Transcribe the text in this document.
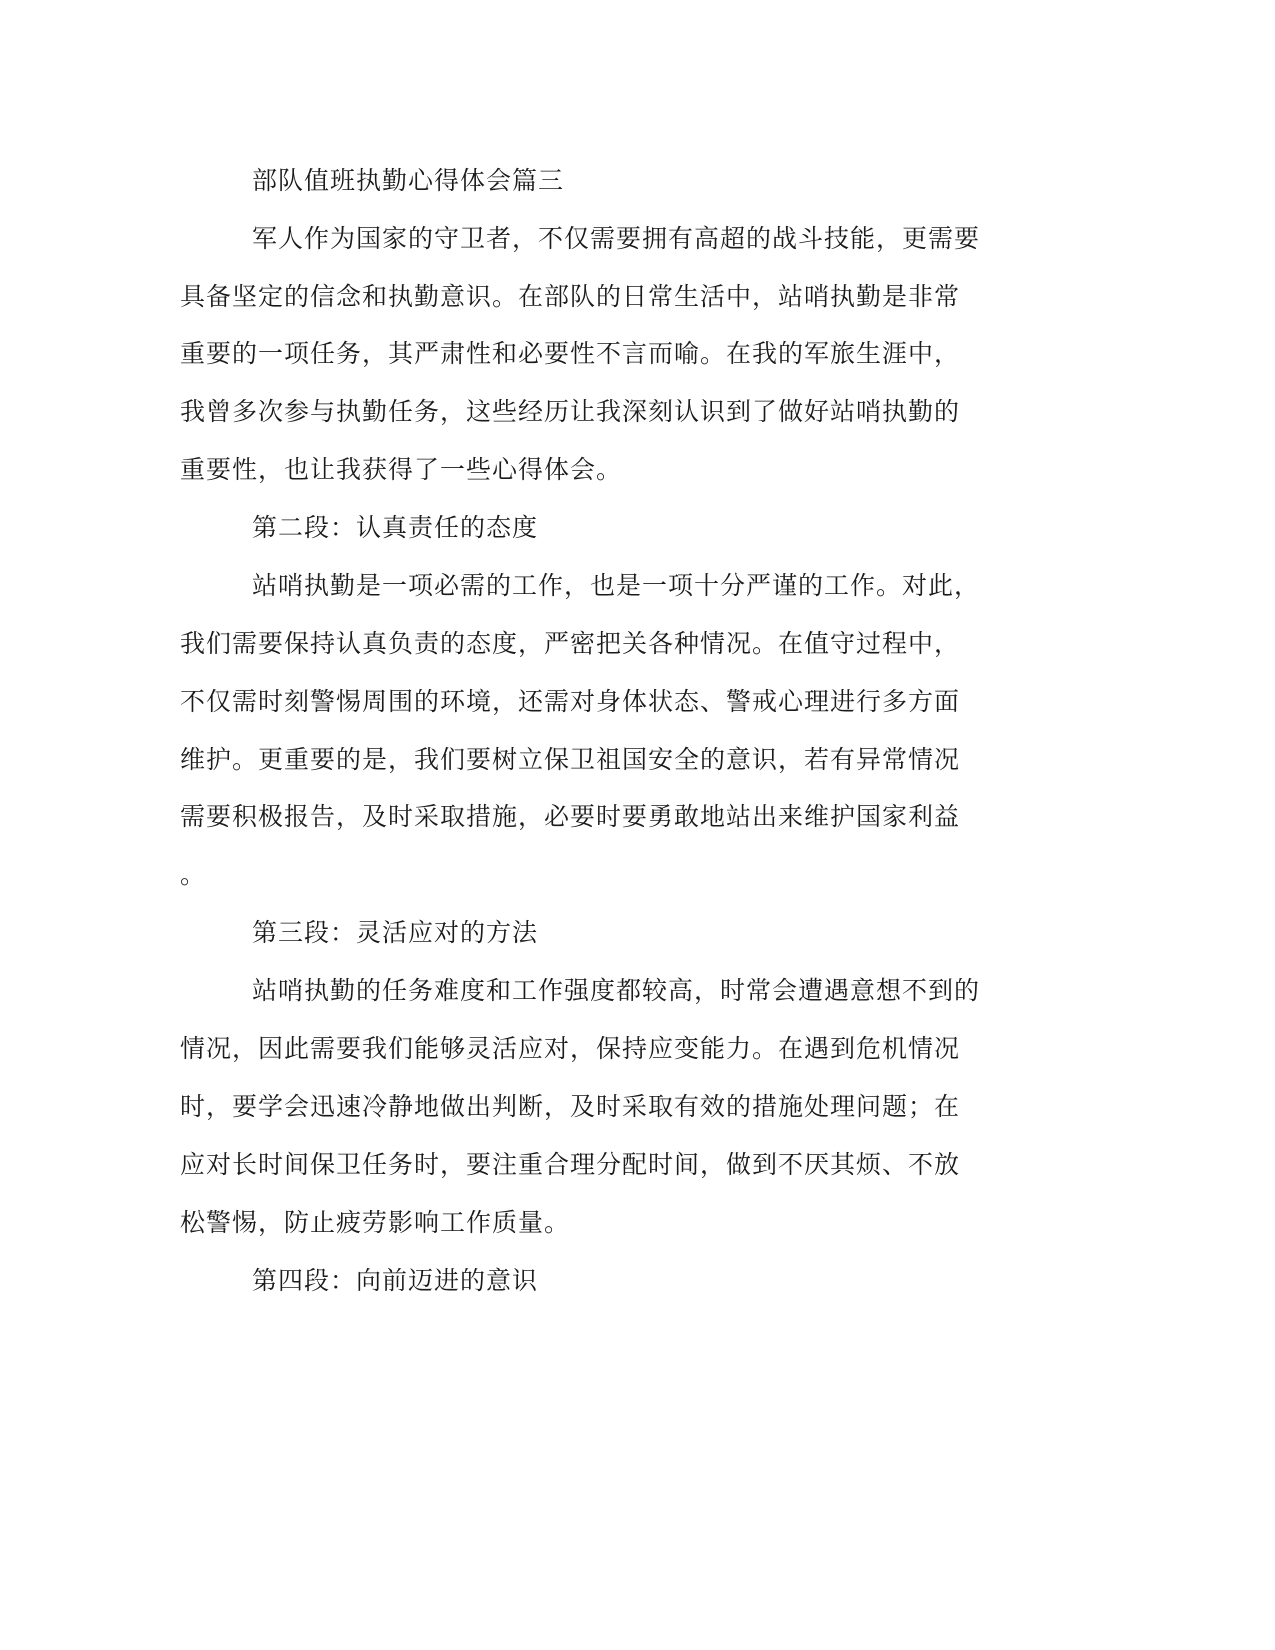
部队值班执勤心得体会篇三
军人作为国家的守卫者，不仅需要拥有高超的战斗技能，更需要
具备坚定的信念和执勤意识。在部队的日常生活中，站哨执勤是非常
重要的一项任务，其严肃性和必要性不言而喻。在我的军旅生涯中，
我曾多次参与执勤任务，这些经历让我深刻认识到了做好站哨执勤的
重要性，也让我获得了一些心得体会。
第二段：认真责任的态度
站哨执勤是一项必需的工作，也是一项十分严谨的工作。对此，
我们需要保持认真负责的态度，严密把关各种情况。在值守过程中，
不仅需时刻警惕周围的环境，还需对身体状态、警戒心理进行多方面
维护。更重要的是，我们要树立保卫祖国安全的意识，若有异常情况
需要积极报告，及时采取措施，必要时要勇敢地站出来维护国家利益
。
第三段：灵活应对的方法
站哨执勤的任务难度和工作强度都较高，时常会遭遇意想不到的
情况，因此需要我们能够灵活应对，保持应变能力。在遇到危机情况
时，要学会迅速冷静地做出判断，及时采取有效的措施处理问题；在
应对长时间保卫任务时，要注重合理分配时间，做到不厌其烦、不放
松警惕，防止疲劳影响工作质量。
第四段：向前迈进的意识
